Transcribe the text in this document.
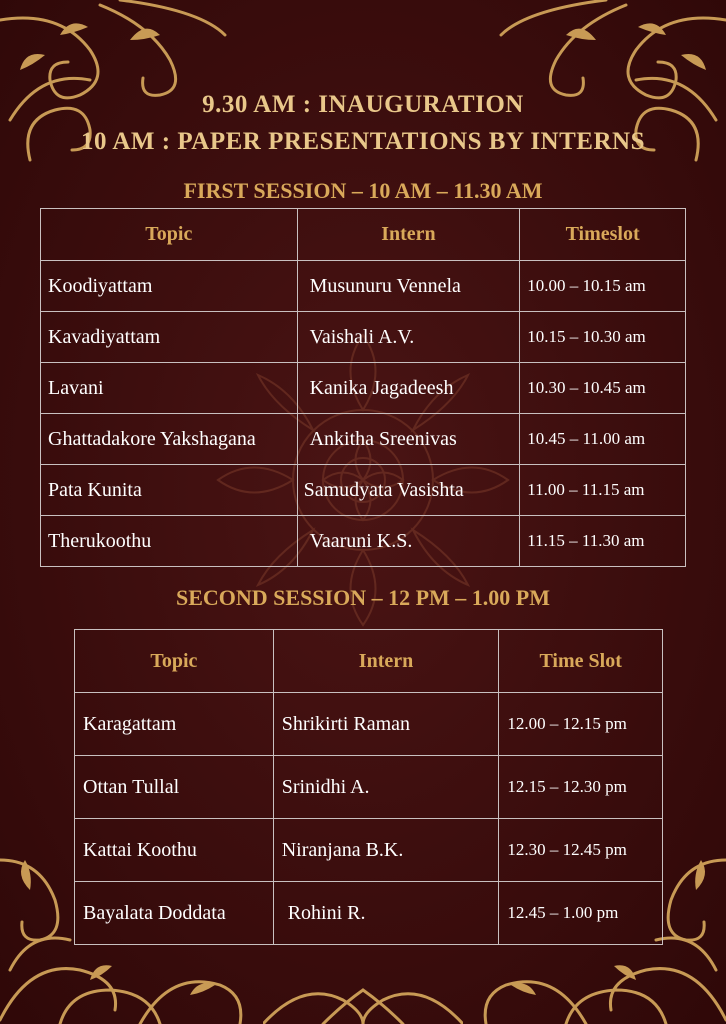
9.30 AM : INAUGURATION
10 AM : PAPER PRESENTATIONS BY INTERNS
FIRST SESSION – 10 AM – 11.30 AM
Topic	Intern	Timeslot
Koodiyattam	Musunuru Vennela	10.00 – 10.15 am
Kavadiyattam	Vaishali A.V.	10.15 – 10.30 am
Lavani	Kanika Jagadeesh	10.30 – 10.45 am
Ghattadakore Yakshagana	Ankitha Sreenivas	10.45 – 11.00 am
Pata Kunita	Samudyata Vasishta	11.00 – 11.15 am
Therukoothu	Vaaruni K.S.	11.15 – 11.30 am
SECOND SESSION – 12 PM – 1.00 PM
Topic	Intern	Time Slot
Karagattam	Shrikirti Raman	12.00 – 12.15 pm
Ottan Tullal	Srinidhi A.	12.15 – 12.30 pm
Kattai Koothu	Niranjana B.K.	12.30 – 12.45 pm
Bayalata Doddata	Rohini R.	12.45 – 1.00 pm
